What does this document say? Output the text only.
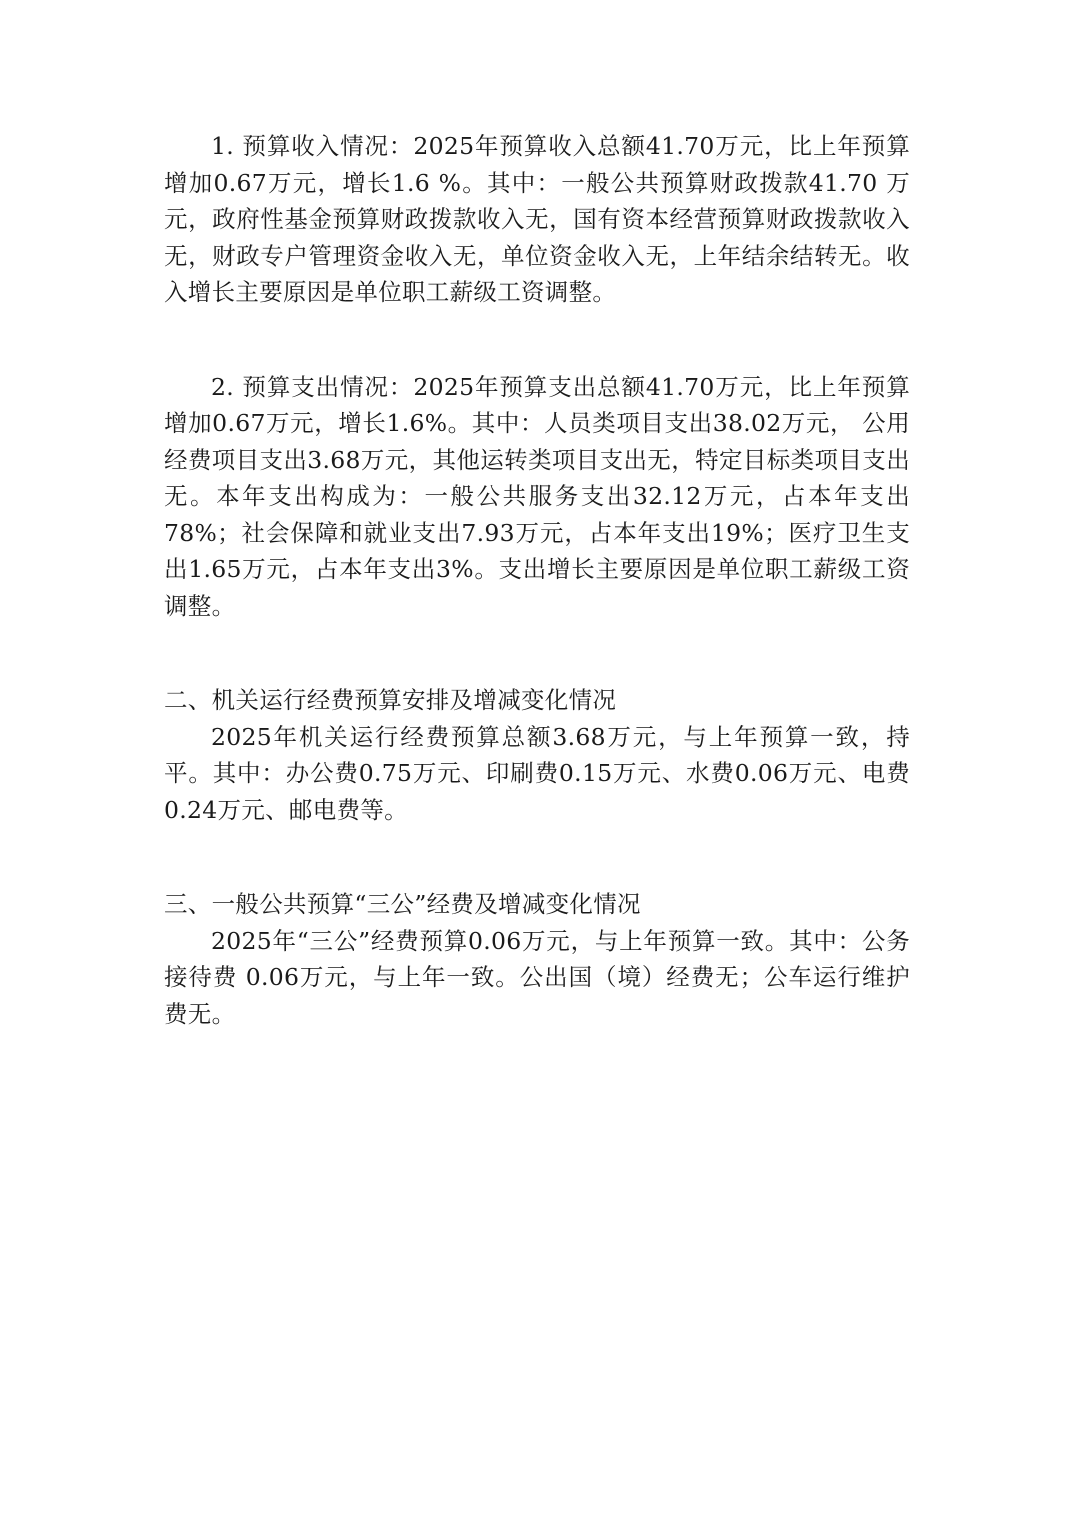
1. 预算收入情况：2025年预算收入总额41.70万元，比上年预算增加0.67万元，增长1.6 %。其中：一般公共预算财政拨款41.70 万元，政府性基金预算财政拨款收入无，国有资本经营预算财政拨款收入无，财政专户管理资金收入无，单位资金收入无，上年结余结转无。收入增长主要原因是单位职工薪级工资调整。

2. 预算支出情况：2025年预算支出总额41.70万元，比上年预算增加0.67万元，增长1.6%。其中：人员类项目支出38.02万元， 公用经费项目支出3.68万元，其他运转类项目支出无，特定目标类项目支出无。本年支出构成为：一般公共服务支出32.12万元，占本年支出78%；社会保障和就业支出7.93万元，占本年支出19%；医疗卫生支出1.65万元，占本年支出3%。支出增长主要原因是单位职工薪级工资调整。

二、机关运行经费预算安排及增减变化情况

2025年机关运行经费预算总额3.68万元，与上年预算一致，持平。其中：办公费0.75万元、印刷费0.15万元、水费0.06万元、电费0.24万元、邮电费等。

三、一般公共预算“三公”经费及增减变化情况

2025年“三公”经费预算0.06万元，与上年预算一致。其中：公务接待费 0.06万元，与上年一致。公出国（境）经费无；公车运行维护费无。
